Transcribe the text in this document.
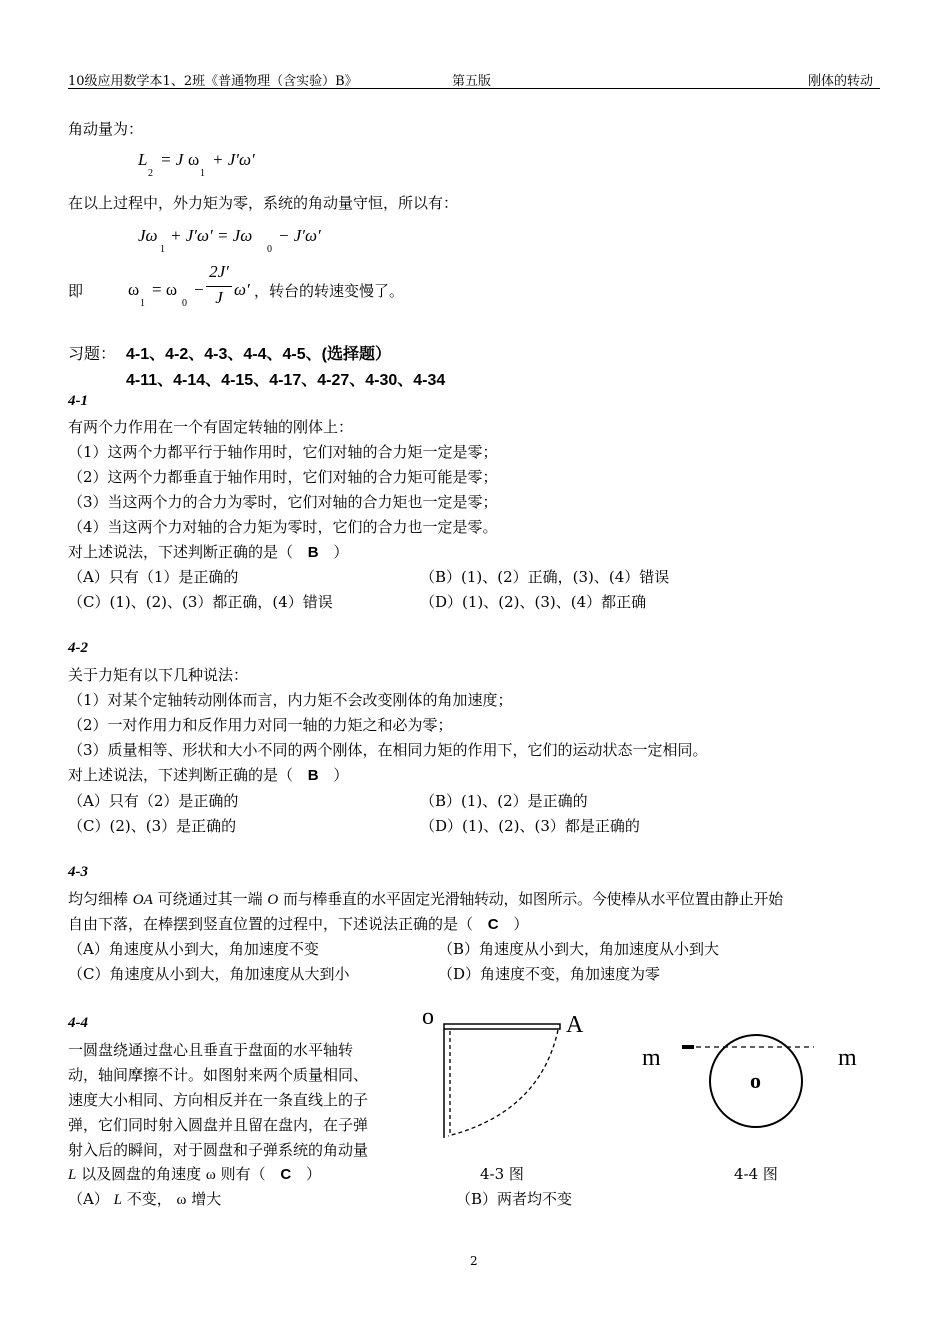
10级应用数学本1、2班《普通物理（含实验）B》	第五版	刚体的转动
角动量为：
L
2
= J ω
1
+ J′ω′
在以上过程中，外力矩为零，系统的角动量守恒，所以有：
Jω
1
+ J′ω′ = Jω
0
− J′ω′
即	ω
1
= ω
0
−
2J′
J ω′ ，转台的转速变慢了。
习题： 4-1、4-2、4-3、4-4、4-5、(选择题）
4-11、4-14、4-15、4-17、4-27、4-30、4-34
4-1
有两个力作用在一个有固定转轴的刚体上：
（1）这两个力都平行于轴作用时，它们对轴的合力矩一定是零；
（2）这两个力都垂直于轴作用时，它们对轴的合力矩可能是零；
（3）当这两个力的合力为零时，它们对轴的合力矩也一定是零；
（4）当这两个力对轴的合力矩为零时，它们的合力也一定是零。
对上述说法，下述判断正确的是（ B ）
（A）只有（1）是正确的	（B）(1)、(2）正确，(3)、(4）错误
（C）(1)、(2)、(3）都正确，(4）错误	（D）(1)、(2)、(3)、(4）都正确
4-2
关于力矩有以下几种说法：
（1）对某个定轴转动刚体而言，内力矩不会改变刚体的角加速度；
（2）一对作用力和反作用力对同一轴的力矩之和必为零；
（3）质量相等、形状和大小不同的两个刚体，在相同力矩的作用下，它们的运动状态一定相同。
对上述说法，下述判断正确的是（ B ）
（A）只有（2）是正确的	（B）(1)、(2）是正确的
（C）(2)、(3）是正确的	（D）(1)、(2)、(3）都是正确的
4-3
均匀细棒 OA 可绕通过其一端 O 而与棒垂直的水平固定光滑轴转动，如图所示。今使棒从水平位置由静止开始
自由下落，在棒摆到竖直位置的过程中，下述说法正确的是（ C ）
（A）角速度从小到大，角加速度不变	（B）角速度从小到大，角加速度从小到大
（C）角速度从小到大，角加速度从大到小	（D）角速度不变，角加速度为零
4-4
一圆盘绕通过盘心且垂直于盘面的水平轴转
动，轴间摩擦不计。如图射来两个质量相同、
速度大小相同、方向相反并在一条直线上的子
弹，它们同时射入圆盘并且留在盘内，在子弹
射入后的瞬间，对于圆盘和子弹系统的角动量
L 以及圆盘的角速度 ω 则有（ C ）
（A） L 不变， ω 增大	（B）两者均不变
o	A
4-3 图
m	m
o
4-4 图
2
